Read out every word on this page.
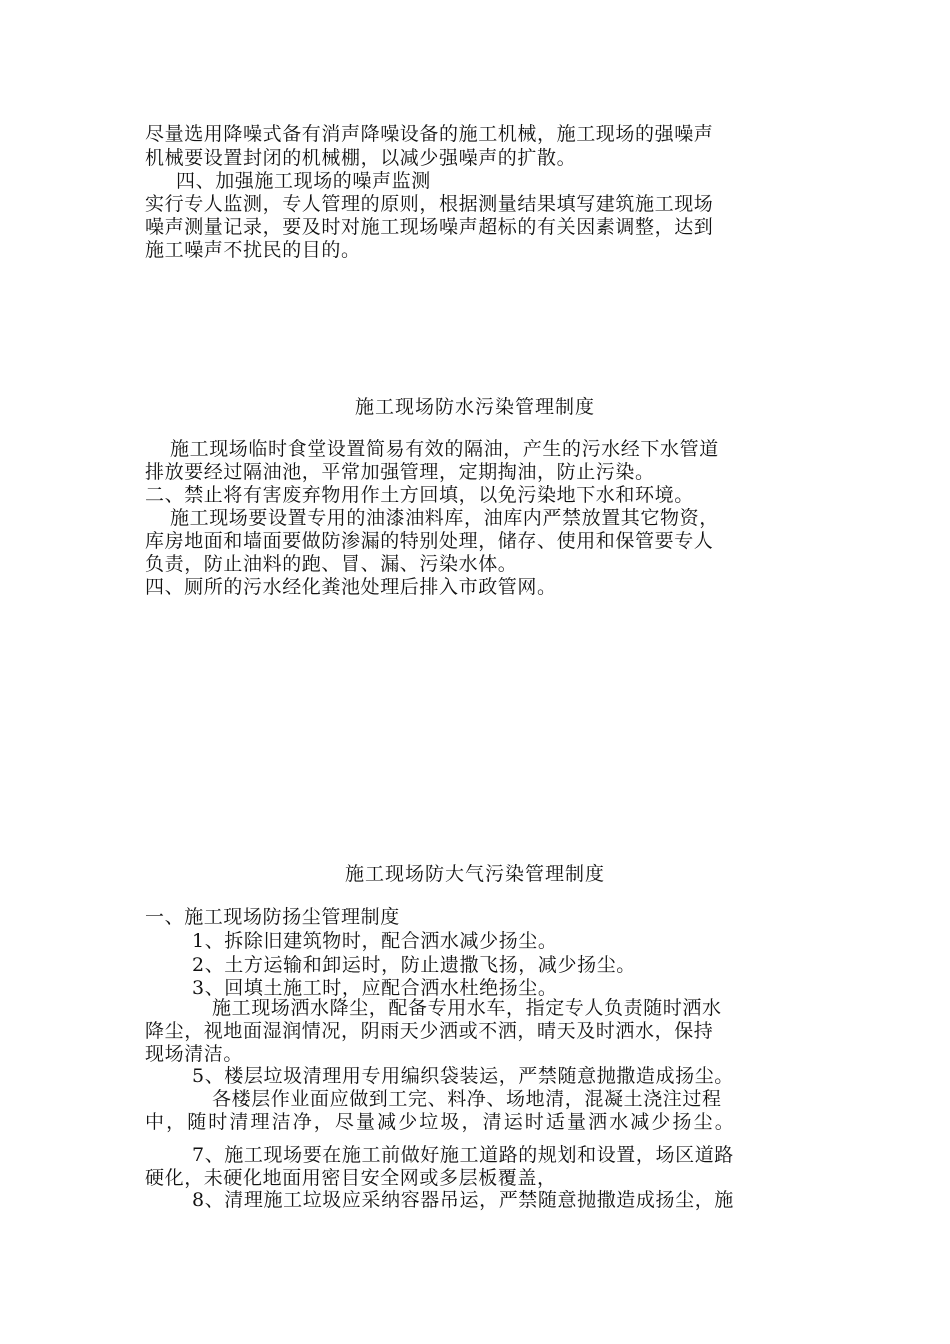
尽量选用降噪式备有消声降噪设备的施工机械，施工现场的强噪声
机械要设置封闭的机械棚，以减少强噪声的扩散。
四、加强施工现场的噪声监测
实行专人监测，专人管理的原则，根据测量结果填写建筑施工现场
噪声测量记录，要及时对施工现场噪声超标的有关因素调整，达到
施工噪声不扰民的目的。
施工现场防水污染管理制度
施工现场临时食堂设置简易有效的隔油，产生的污水经下水管道
排放要经过隔油池，平常加强管理，定期掏油，防止污染。
二、禁止将有害废弃物用作土方回填，以免污染地下水和环境。
施工现场要设置专用的油漆油料库，油库内严禁放置其它物资，
库房地面和墙面要做防渗漏的特别处理，储存、使用和保管要专人
负责，防止油料的跑、冒、漏、污染水体。
四、厕所的污水经化粪池处理后排入市政管网。
施工现场防大气污染管理制度
一、施工现场防扬尘管理制度
1、拆除旧建筑物时，配合洒水减少扬尘。
2、土方运输和卸运时，防止遗撒飞扬，减少扬尘。
3、回填土施工时，应配合洒水杜绝扬尘。
施工现场洒水降尘，配备专用水车，指定专人负责随时洒水
降尘，视地面湿润情况，阴雨天少洒或不洒，晴天及时洒水，保持
现场清洁。
5、楼层垃圾清理用专用编织袋装运，严禁随意抛撒造成扬尘。
各楼层作业面应做到工完、料净、场地清，混凝土浇注过程
中，随时清理洁净，尽量减少垃圾，清运时适量洒水减少扬尘。
7、施工现场要在施工前做好施工道路的规划和设置，场区道路
硬化，未硬化地面用密目安全网或多层板覆盖，
8、清理施工垃圾应采纳容器吊运，严禁随意抛撒造成扬尘，施
